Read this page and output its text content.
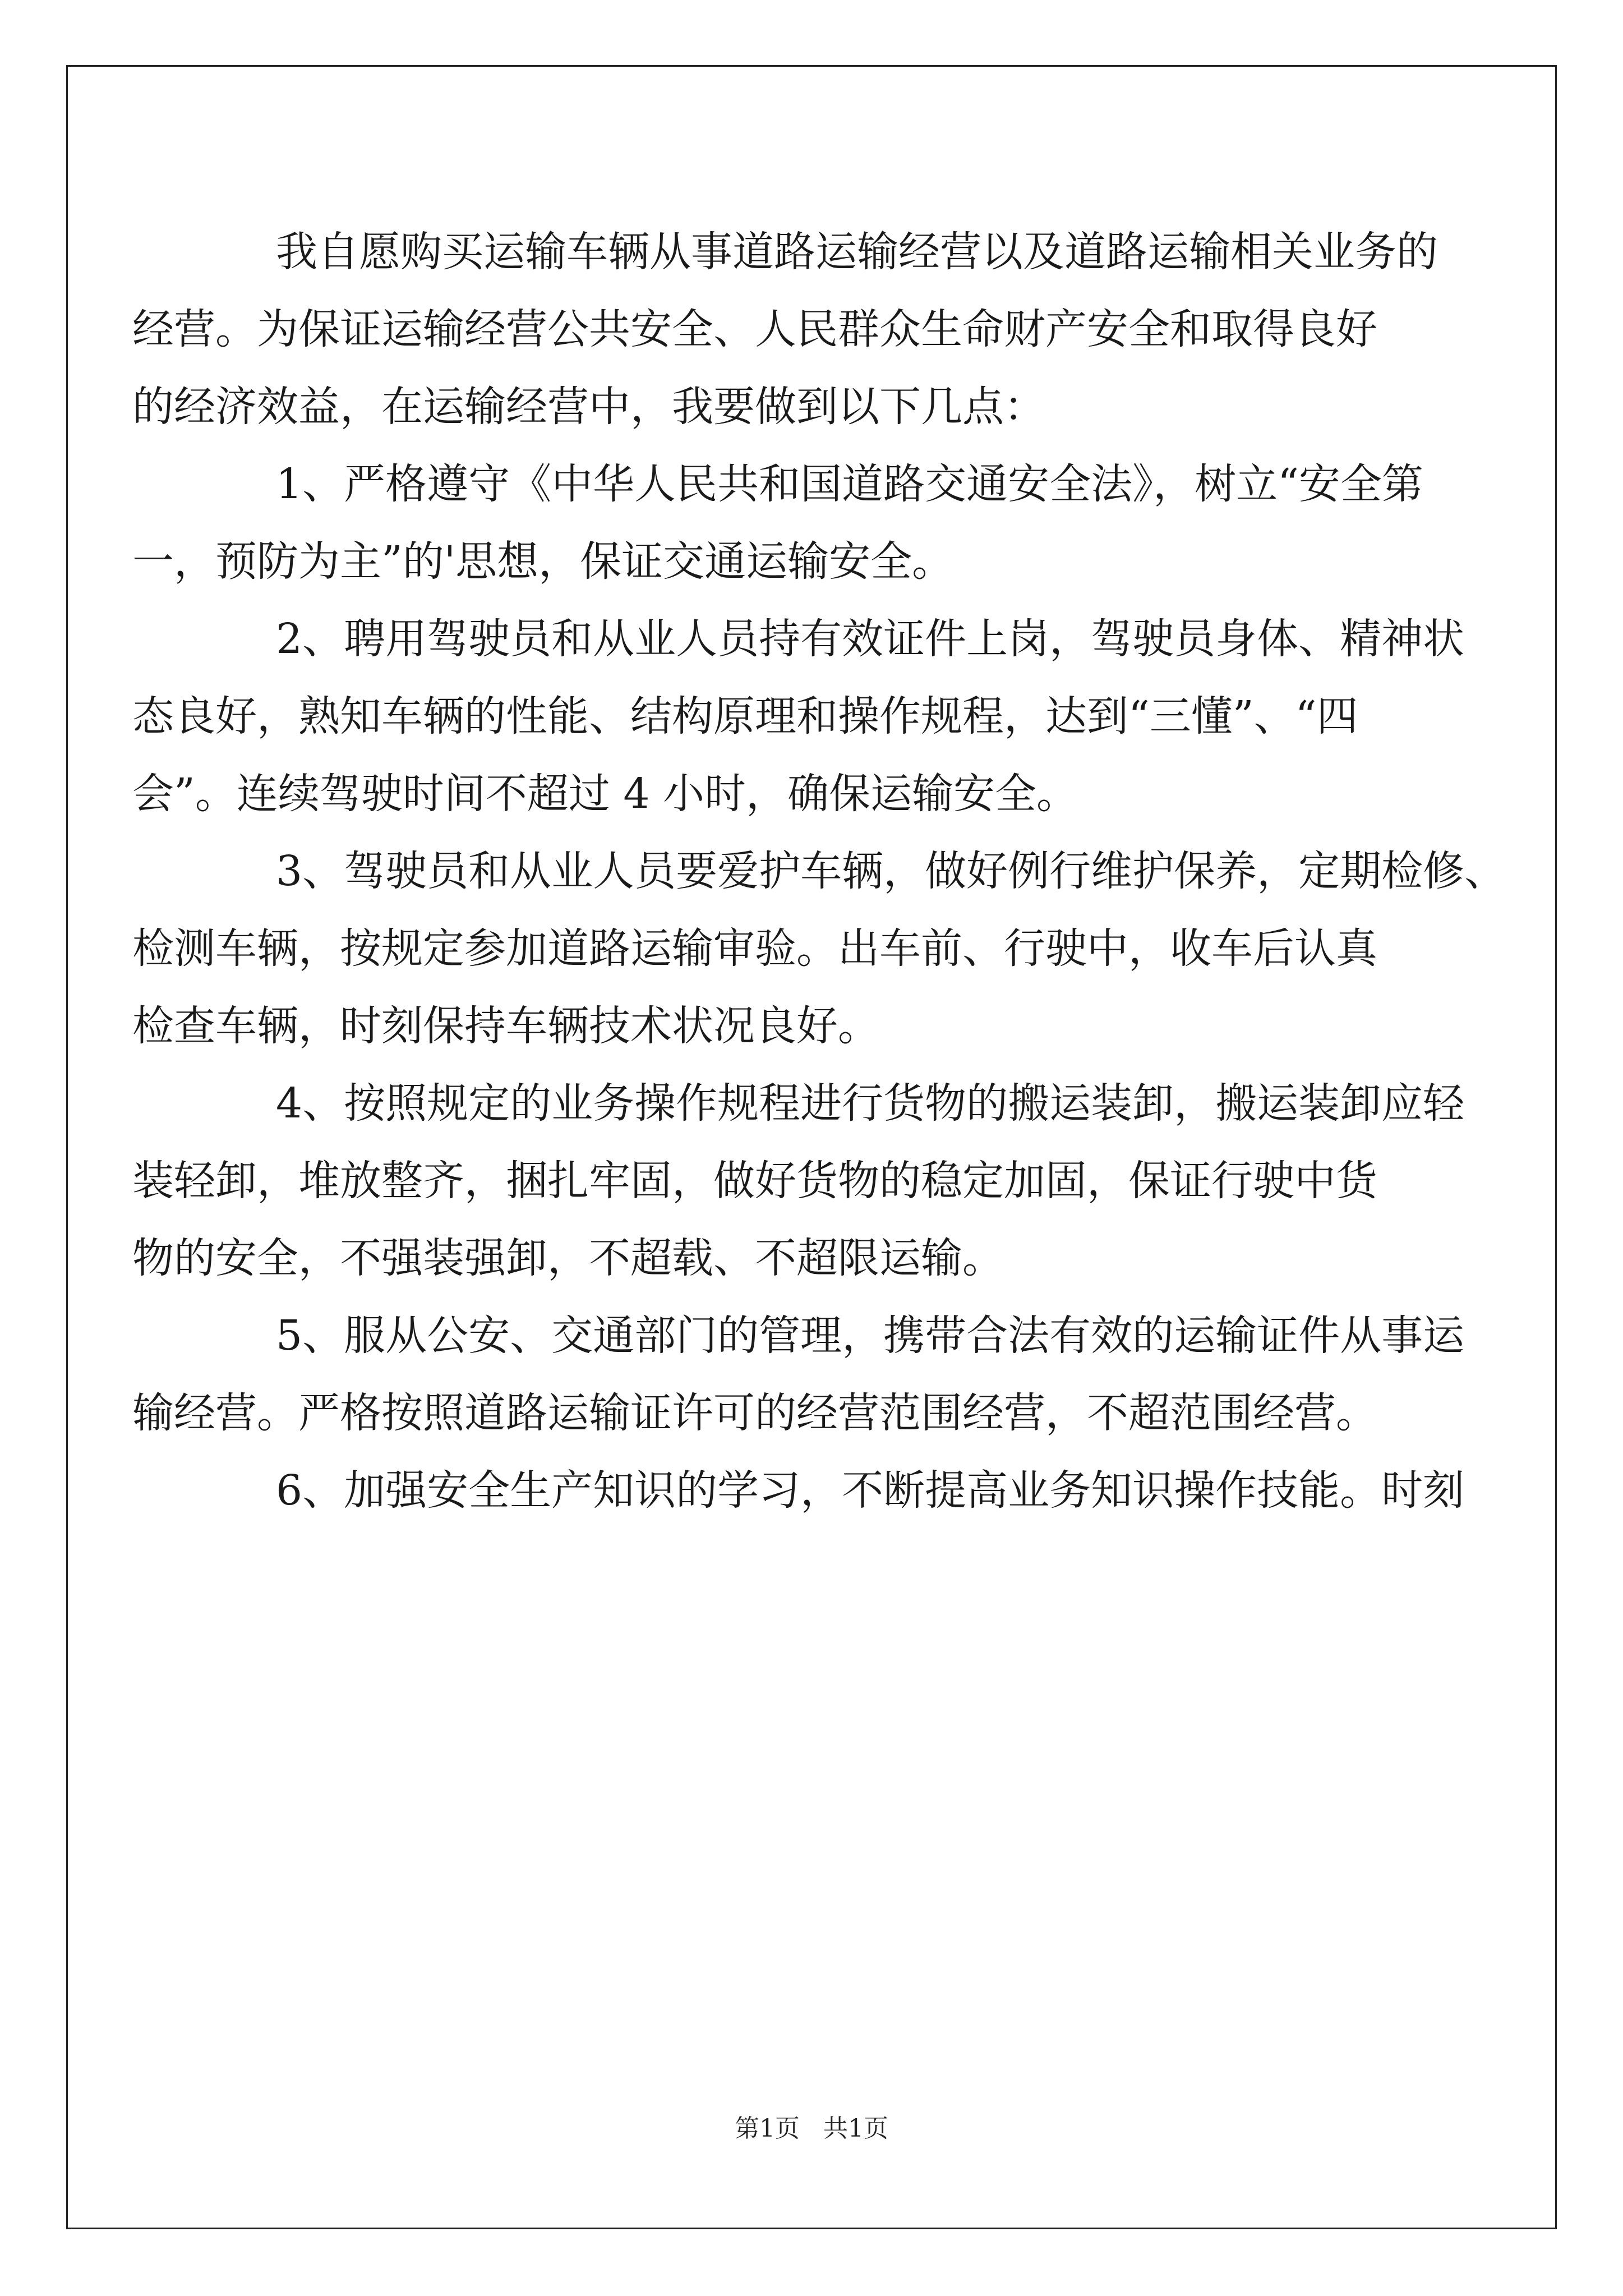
我自愿购买运输车辆从事道路运输经营以及道路运输相关业务的
经营。为保证运输经营公共安全、人民群众生命财产安全和取得良好
的经济效益，在运输经营中，我要做到以下几点：
1、严格遵守《中华人民共和国道路交通安全法》，树立“安全第
一，预防为主”的'思想，保证交通运输安全。
2、聘用驾驶员和从业人员持有效证件上岗，驾驶员身体、精神状
态良好，熟知车辆的性能、结构原理和操作规程，达到“三懂”、“四
会”。连续驾驶时间不超过 4 小时，确保运输安全。
3、驾驶员和从业人员要爱护车辆，做好例行维护保养，定期检修、
检测车辆，按规定参加道路运输审验。出车前、行驶中，收车后认真
检查车辆，时刻保持车辆技术状况良好。
4、按照规定的业务操作规程进行货物的搬运装卸，搬运装卸应轻
装轻卸，堆放整齐，捆扎牢固，做好货物的稳定加固，保证行驶中货
物的安全，不强装强卸，不超载、不超限运输。
5、服从公安、交通部门的管理，携带合法有效的运输证件从事运
输经营。严格按照道路运输证许可的经营范围经营，不超范围经营。
6、加强安全生产知识的学习，不断提高业务知识操作技能。时刻
第1页   共1页
